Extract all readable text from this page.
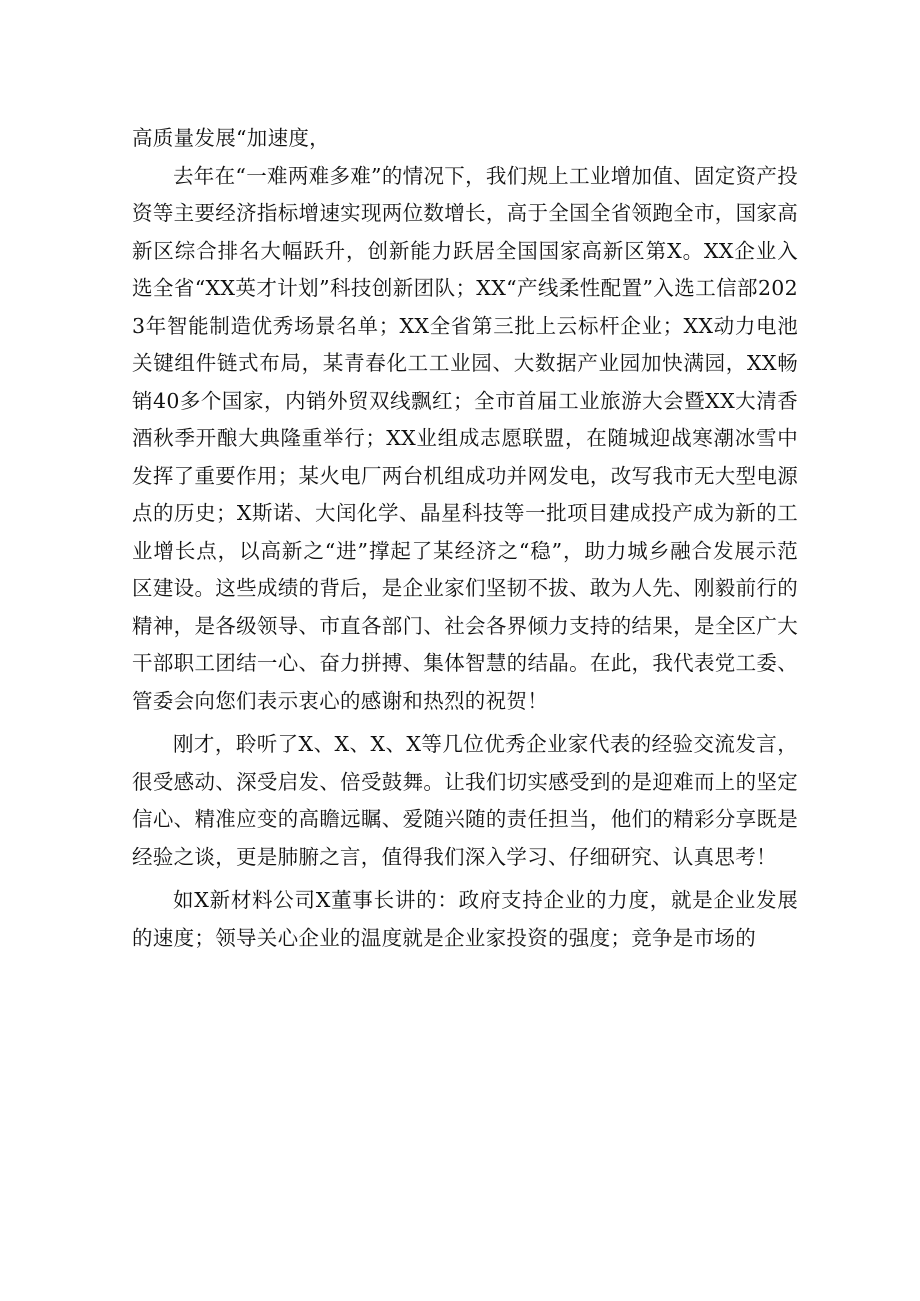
高质量发展“加速度，

去年在“一难两难多难”的情况下，我们规上工业增加值、固定资产投资等主要经济指标增速实现两位数增长，高于全国全省领跑全市，国家高新区综合排名大幅跃升，创新能力跃居全国国家高新区第X。XX企业入选全省“XX英才计划”科技创新团队；XX“产线柔性配置”入选工信部2023年智能制造优秀场景名单；XX全省第三批上云标杆企业；XX动力电池关键组件链式布局，某青春化工工业园、大数据产业园加快满园，XX畅销40多个国家，内销外贸双线飘红；全市首届工业旅游大会暨XX大清香酒秋季开酿大典隆重举行；XX业组成志愿联盟，在随城迎战寒潮冰雪中发挥了重要作用；某火电厂两台机组成功并网发电，改写我市无大型电源点的历史；X斯诺、大闰化学、晶星科技等一批项目建成投产成为新的工业增长点，以高新之“进”撑起了某经济之“稳”，助力城乡融合发展示范区建设。这些成绩的背后，是企业家们坚韧不拔、敢为人先、刚毅前行的精神，是各级领导、市直各部门、社会各界倾力支持的结果，是全区广大干部职工团结一心、奋力拼搏、集体智慧的结晶。在此，我代表党工委、管委会向您们表示衷心的感谢和热烈的祝贺！

刚才，聆听了X、X、X、X等几位优秀企业家代表的经验交流发言，很受感动、深受启发、倍受鼓舞。让我们切实感受到的是迎难而上的坚定信心、精准应变的高瞻远瞩、爱随兴随的责任担当，他们的精彩分享既是经验之谈，更是肺腑之言，值得我们深入学习、仔细研究、认真思考！

如X新材料公司X董事长讲的：政府支持企业的力度，就是企业发展的速度；领导关心企业的温度就是企业家投资的强度；竞争是市场的
